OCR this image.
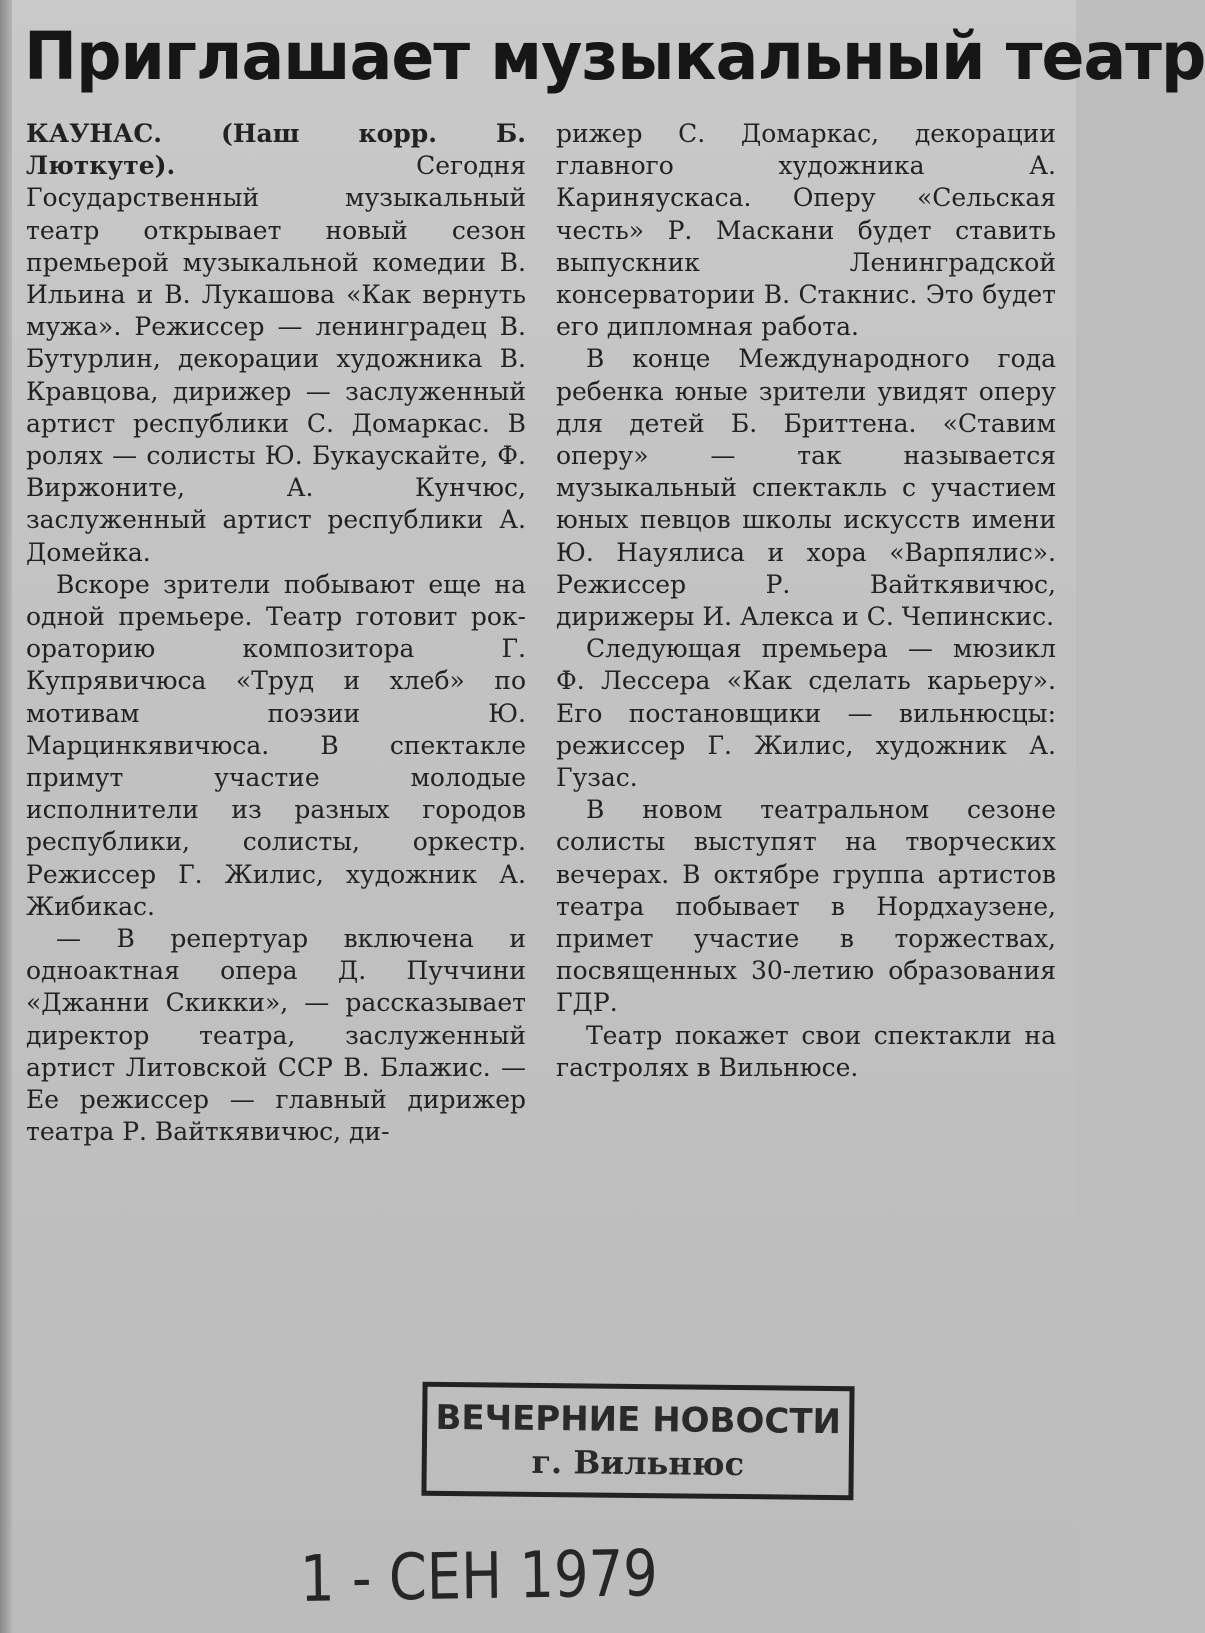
Приглашает музыкальный театр

КАУНАС. (Наш корр. Б. Люткуте).	Сегодня Государственный музыкальный театр открывает новый сезон премьерой музыкальной комедии В. Ильина и В. Лукашова «Как вернуть мужа». Режиссер — ленинградец В. Бутурлин, декорации художника В. Кравцова, дирижер — заслуженный артист республики С. Домаркас. В ролях — солисты Ю. Букаускайте, Ф. Виржоните, А. Кунчюс, заслуженный артист республики А. Домейка.

Вскоре зрители побывают еще на одной премьере. Театр готовит рок-ораторию композитора Г. Купрявичюса «Труд и хлеб» по мотивам поэзии Ю. Марцинкявичюса. В спектакле примут участие молодые исполнители из разных городов республики, солисты, оркестр. Режиссер Г. Жилис, художник А. Жибикас.

— В репертуар включена и одноактная опера Д. Пуччини «Джанни Скикки», — рассказывает директор театра, заслуженный артист Литовской ССР В. Блажис. — Ее режиссер — главный дирижер театра Р. Вайткявичюс, ди-

рижер С. Домаркас, декорации главного художника А. Кариняускаса. Оперу «Сельская честь» Р. Маскани будет ставить выпускник Ленинградской консерватории В. Стакнис. Это будет его дипломная работа.

В конце Международного года ребенка юные зрители увидят оперу для детей Б. Бриттена. «Ставим оперу» — так называется музыкальный спектакль с участием юных певцов школы искусств имени Ю. Науялиса и хора «Варпялис». Режиссер Р. Вайткявичюс, дирижеры И. Алекса и С. Чепинскис.

Следующая премьера — мюзикл Ф. Лессера «Как сделать карьеру». Его постановщики — вильнюсцы: режиссер Г. Жилис, художник А. Гузас.

В новом театральном сезоне солисты выступят на творческих вечерах. В октябре группа артистов театра побывает в Нордхаузене, примет участие в торжествах, посвященных 30-летию образования ГДР.

Театр покажет свои спектакли на гастролях в Вильнюсе.

ВЕЧЕРНИЕ НОВОСТИ
г. Вильнюс
1 - СЕН 1979
